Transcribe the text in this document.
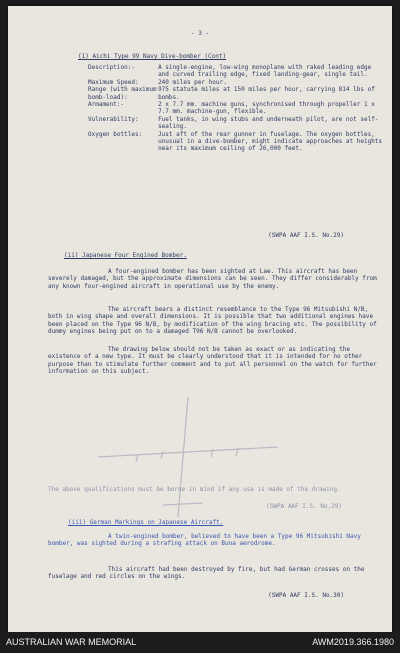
- 3 -
(1) Aichi Type 99 Navy Dive-bomber (Cont)
Description:-	A single-engine, low-wing monoplane with raked leading edge and curved trailing edge, fixed landing-gear, single tail.
Maximum Speed:	240 miles per hour.
Range (with maximum bomb-load):
975 statute miles at 150 miles per hour, carrying 814 lbs of bombs.
Armament:-	2 x 7.7 mm. machine guns, synchronised through propeller 1 x 7.7 mm. machine-gun, flexible.
Vulnerability:	Fuel tanks, in wing stubs and underneath pilot, are not self-sealing.
Oxygen bottles:	Just aft of the rear gunner in fuselage. The oxygen bottles, unusual in a dive-bomber, might indicate approaches at heights near its maximum ceiling of 26,000 feet.
(SWPA AAF I.S. No.29)
(ii) Japanese Four Engined Bomber.
A four-engined bomber has been sighted at Lae. This aircraft has been severely damaged, but the approximate dimensions can be seen. They differ considerably from any known four-engined aircraft in operational use by the enemy.
The aircraft bears a distinct resemblance to the Type 96 Mitsubishi N/B, both in wing shape and overall dimensions. It is possible that two additional engines have been placed on the Type 96 N/B, by modification of the wing bracing etc. The possibility of dummy engines being put on to a damaged T96 N/B cannot be overlooked.
The drawing below should not be taken as exact or as indicating the existence of a new type. It must be clearly understood that it is intended for no other purpose than to stimulate further comment and to put all personnel on the watch for further information on this subject.
The above qualifications must be borne in mind if any use is made of the drawing.
(SWPA AAF I.S. No.29)
(iii) German Markings on Japanese Aircraft.
A twin-engined bomber, believed to have been a Type 96 Mitsubishi Navy bomber, was sighted during a strafing attack on Buna aerodrome.
This aircraft had been destroyed by fire, but had German crosses on the fuselage and red circles on the wings.
(SWPA AAF I.S. No.30)
AUSTRALIAN WAR MEMORIAL	AWM2019.366.1980
